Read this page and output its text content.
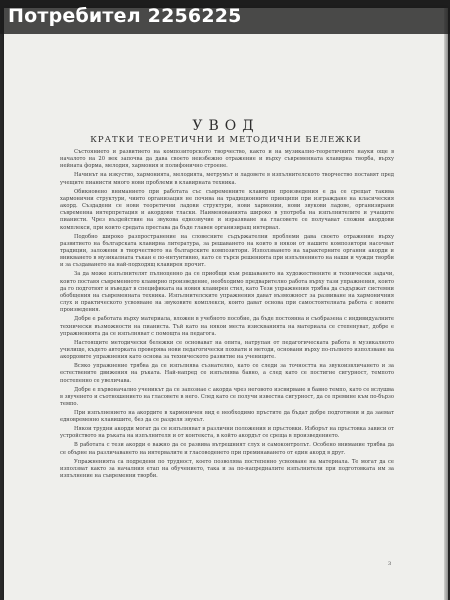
УВОД
КРАТКИ ТЕОРЕТИЧНИ И МЕТОДИЧНИ БЕЛЕЖКИ

Състоянието и развитието на композиторското творчество, както и на музикално-теоретичните науки още в началото на 20 век започва да дава своето неизбежно отражение и върху съвременната клавирна творба, върху нейната форма, мелодия, хармония и полифонично строене.

Начинът на изкуство, хармонията, мелодията, метрумът и ладовете в изпълнителското творчество поставят пред учещите пианисти много нови проблеми в клавирната техника.

Обикновено вниманието при работата със съвременните клавирни произведения е да се срещат такива хармонични структури, чиито организация не почива на традиционните принципи при изграждане на класическия акорд. Създадени се нови теоретични ладови структури, нови хармонии, нови звукови ладове, организирани съвременна интерпретация и акордови тласки. Наименованията широко в употреба на изпълнителите и учащите пианисти. Чрез въздействие на звукова еднозвучие и изразяване на гласовете се получават сложни акордови комплекси, при които средата престава да бъде главен организиращ интервал.

Подобно широко разпространение на словесните съдържателни проблеми дава своето отражение върху развитието на българската клавирна литература, за решаването на които в някои от нашите композитори насочват традиции, заложени в творчеството на българските композитори. Използването на характерните органни акорди и вникването в музикалната тъкан е по-интуитивно, като се търси решенията при изпълнението на наши и чужди творби и за създаването на най-подходящ клавирен прочит.

За да може изпълнителят пълноценно да се приобщи към решаването на художествените и технически задачи, които поставя съвременното клавирно произведение, необходимо предварително работа върху тази упражнения, които да го подготвят и въведат в спецификата на новия клавирен стил, като Тези упражнения трябва да съдържат системни обобщения на съвременната техника. Изпълнителските упражнения дават възможност за развиване на хармоничния слух и практическото усвояване на звуковите комплекси, които дават основа при самостоятелната работа с новите произведения.

Добре е работата върху материала, вложен в учебното пособие, да бъде постоянна и съобразена с индивидуалните технически възможности на пианиста. Тъй като на някои места изискванията на материала се степенуват, добре е упражненията да се изпълняват с помощта на педагога.

Настоящите методически бележки се основават на опита, натрупан от педагогическата работа в музикалното училище, където авторката проверява нови педагогически похвати и методи, основани върху по-пълното използване на акордовите упражнения като основа за техническото развитие на учениците.

Всяко упражнение трябва да се изпълнява съзнателно, като се следи за точността на звукоизвличането и за естествените движения на ръката. Най-напред се изпълнява бавно, а след като се постигне сигурност, темпото постепенно се увеличава.

Добре е първоначално ученикът да се запознае с акорда чрез неговото изсвирване в бавно темпо, като се вслушва в звученето и съотношението на гласовете в него. След като се получи известна сигурност, да се премине към по-бързо темпо.

При изпълнението на акордите в хармоничен вид е необходимо пръстите да бъдат добре подготвени и да заемат едновременно клавишите, без да се разделя звукът.

Някои трудни акорди могат да се изпълняват в различни положения и пръстовки. Изборът на пръстовка зависи от устройството на ръката на изпълнителя и от контекста, в който акордът се среща в произведението.

В работата с тези акорди е важно да се развива вътрешният слух и самоконтролът. Особено внимание трябва да се обърне на различаването на интервалите и гласоводенето при преминаването от един акорд в друг.

Упражненията са подредени по трудност, което позволява постепенно усвояване на материала. Те могат да се използват както за началния етап на обучението, така и за по-напредналите изпълнители при подготовката им за изпълнение на съвременни творби.

3
Потребител 2256225
